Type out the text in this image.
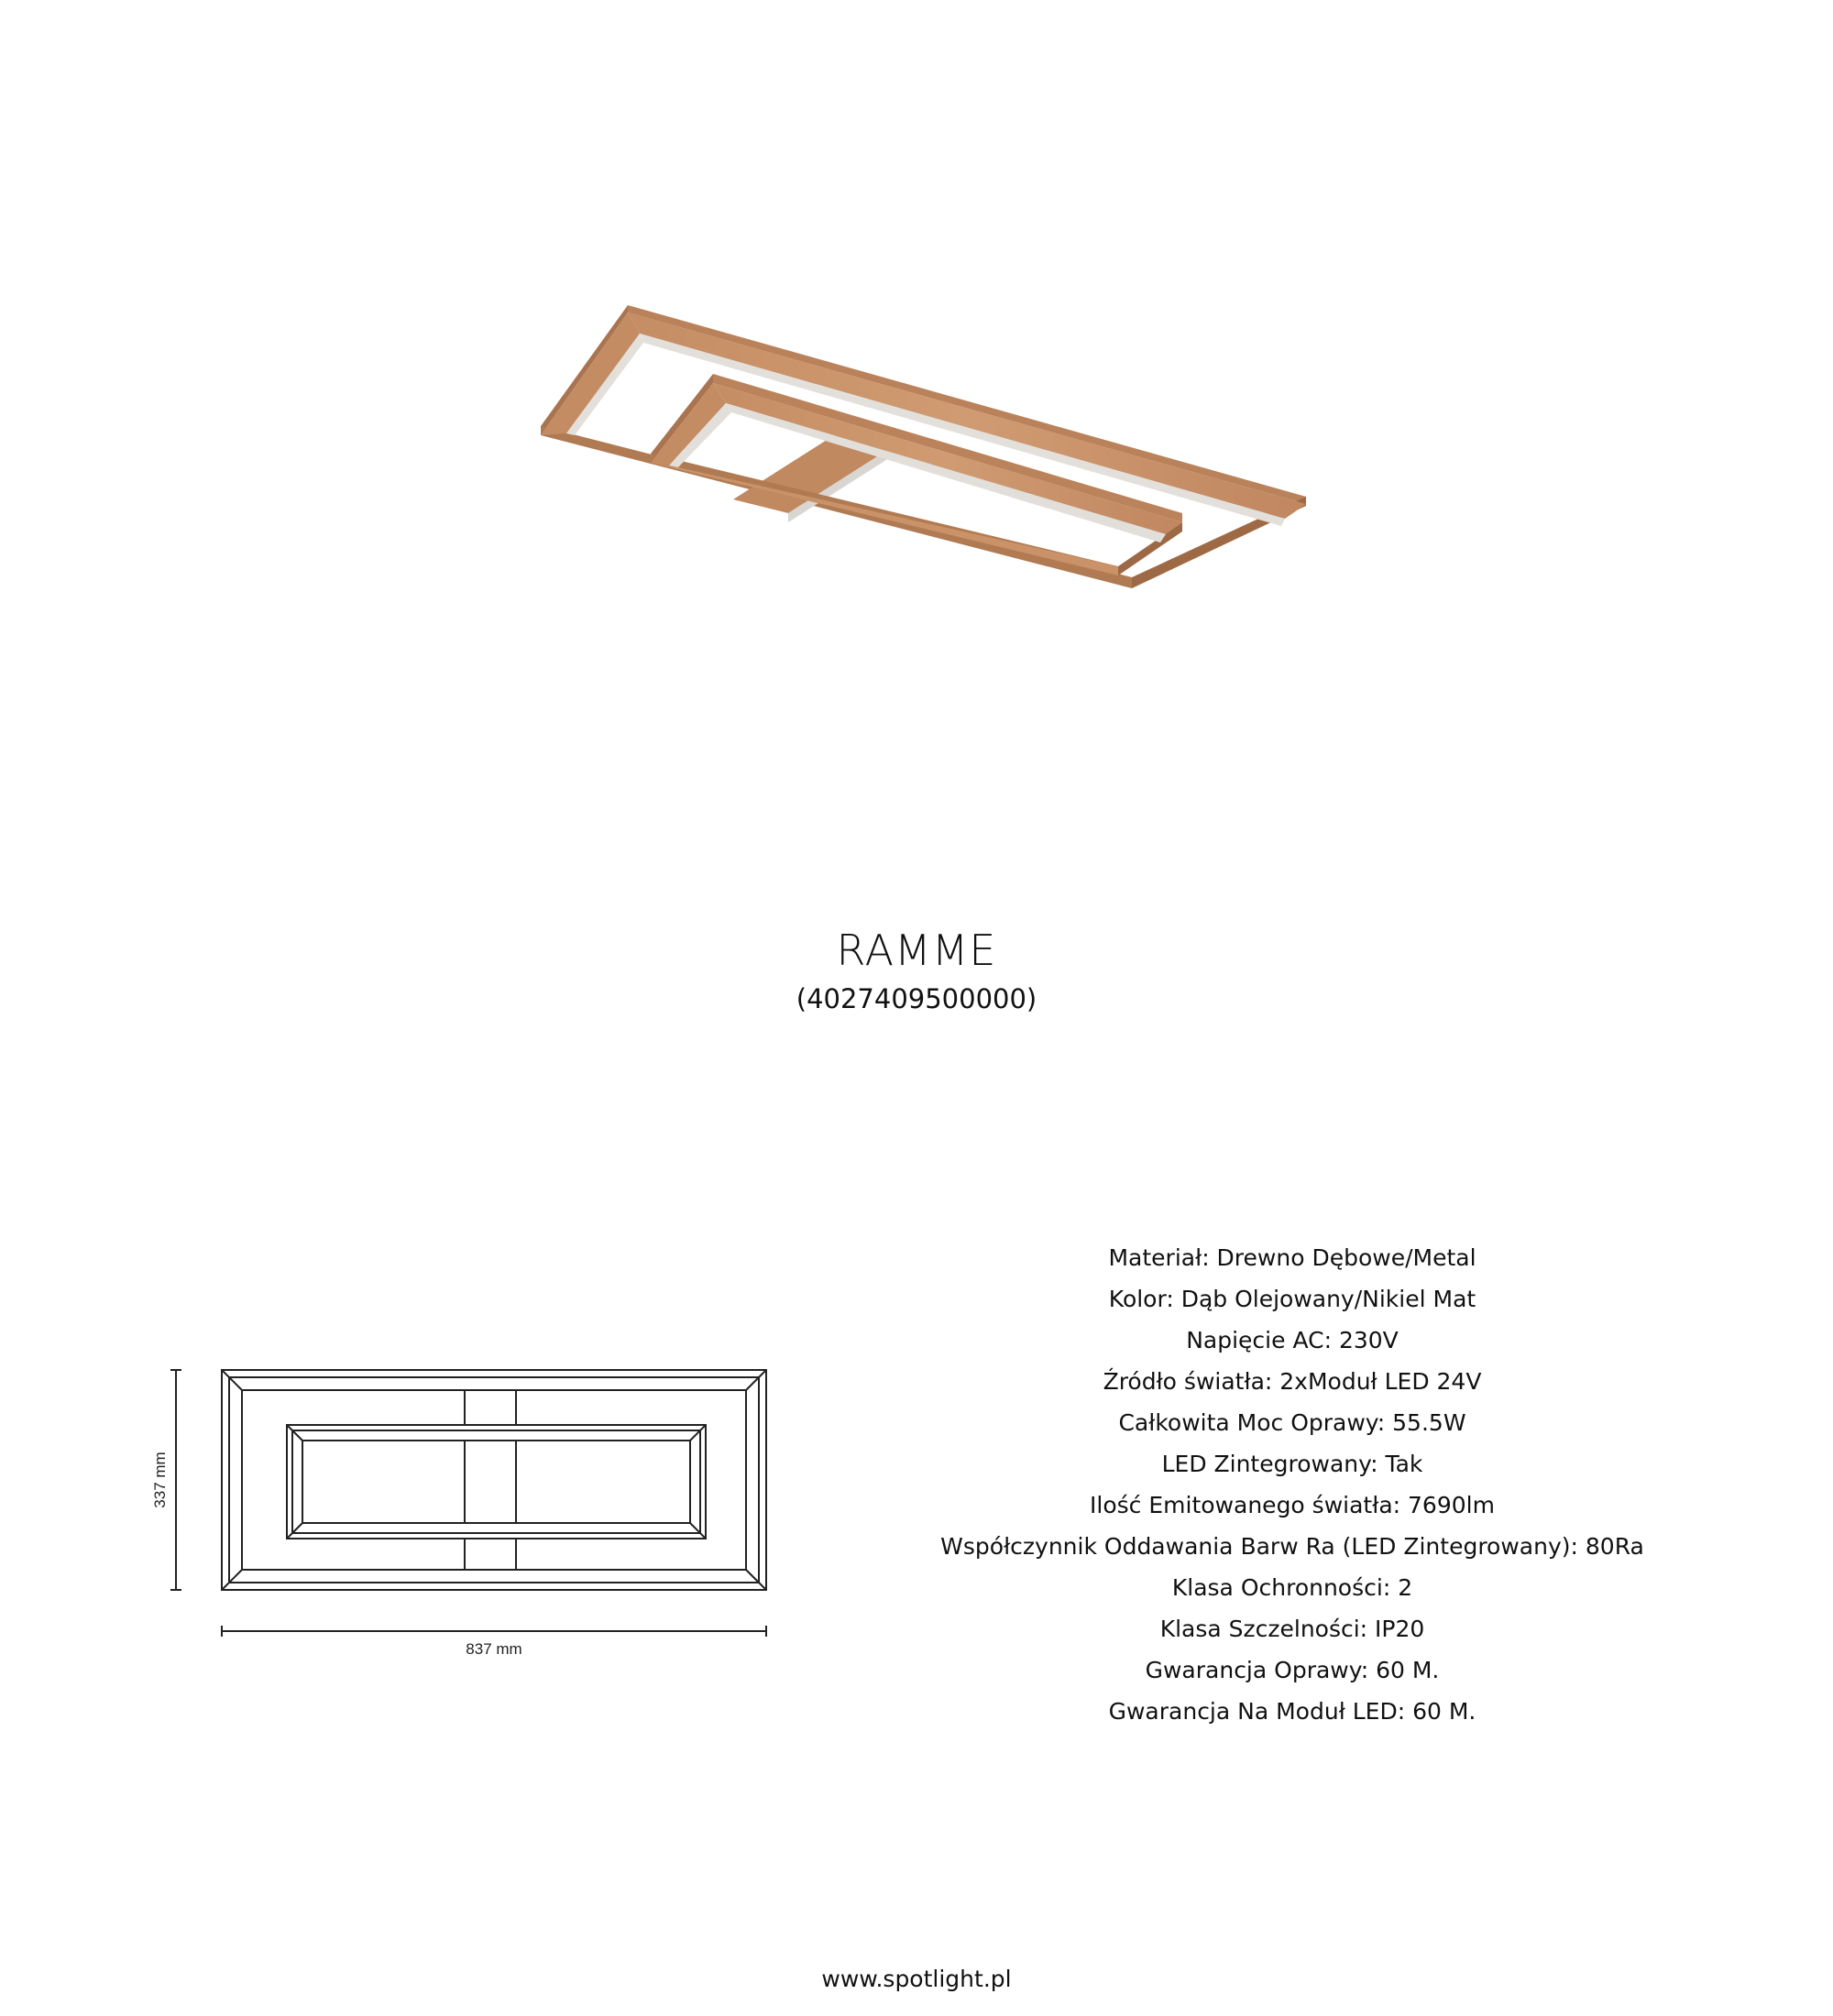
RAMME
(4027409500000)
337 mm
837 mm
Materiał: Drewno Dębowe/Metal
Kolor: Dąb Olejowany/Nikiel Mat
Napięcie AC: 230V
Źródło światła: 2xModuł LED 24V
Całkowita Moc Oprawy: 55.5W
LED Zintegrowany: Tak
Ilość Emitowanego światła: 7690lm
Współczynnik Oddawania Barw Ra (LED Zintegrowany): 80Ra
Klasa Ochronności: 2
Klasa Szczelności: IP20
Gwarancja Oprawy: 60 M.
Gwarancja Na Moduł LED: 60 M.
www.spotlight.pl
